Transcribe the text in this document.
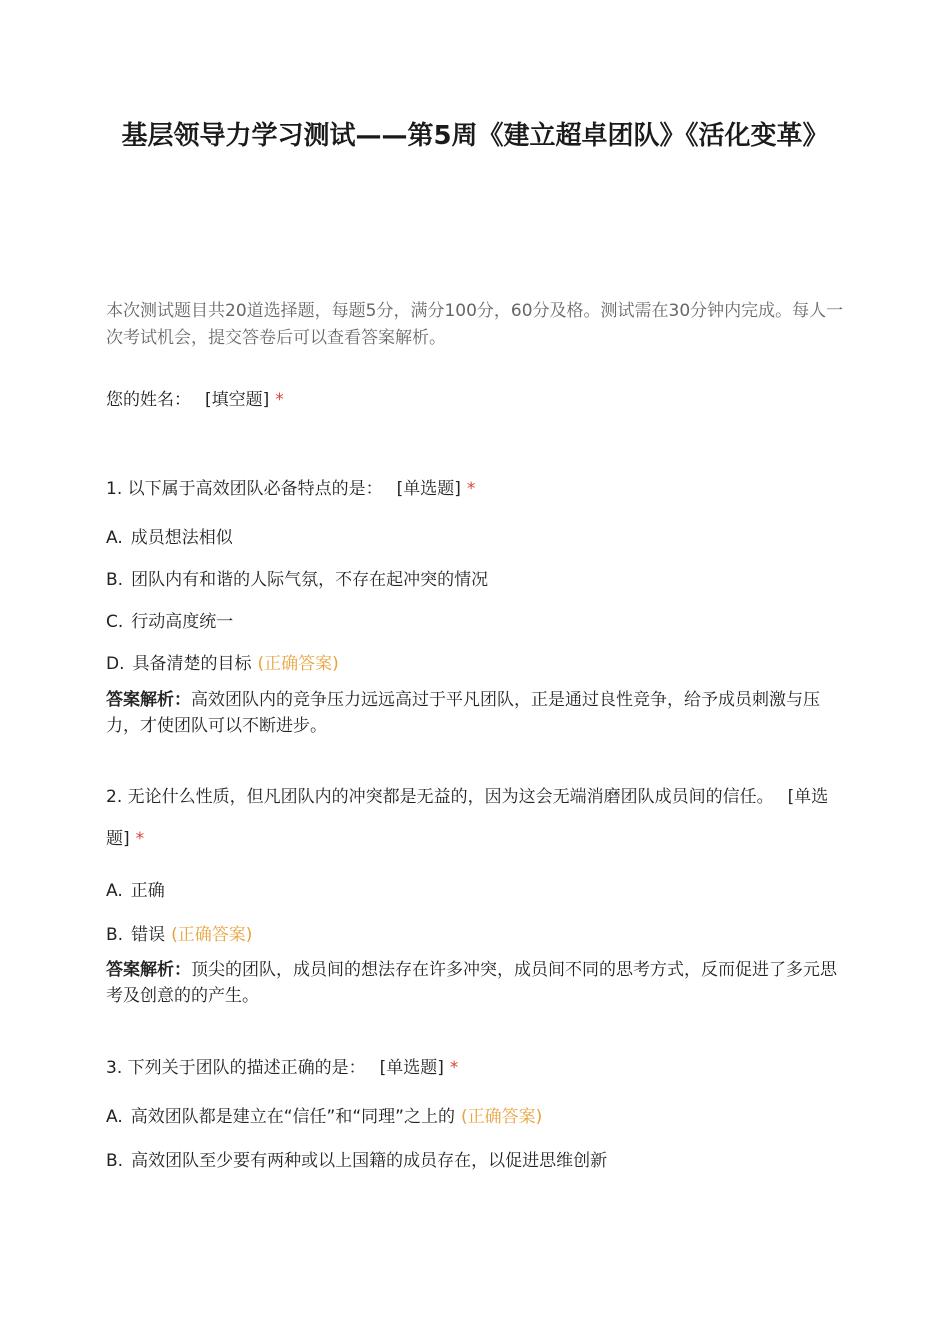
基层领导力学习测试——第5周《建立超卓团队》《活化变革》

本次测试题目共20道选择题，每题5分，满分100分，60分及格。测试需在30分钟内完成。每人一次考试机会，提交答卷后可以查看答案解析。

您的姓名： [填空题] *

1. 以下属于高效团队必备特点的是： [单选题] *

A. 成员想法相似

B. 团队内有和谐的人际气氛，不存在起冲突的情况

C. 行动高度统一

D. 具备清楚的目标 (正确答案)

答案解析：高效团队内的竞争压力远远高过于平凡团队，正是通过良性竞争，给予成员刺激与压力，才使团队可以不断进步。

2. 无论什么性质，但凡团队内的冲突都是无益的，因为这会无端消磨团队成员间的信任。 [单选题] *

A. 正确

B. 错误 (正确答案)

答案解析：顶尖的团队，成员间的想法存在许多冲突，成员间不同的思考方式，反而促进了多元思考及创意的的产生。

3. 下列关于团队的描述正确的是： [单选题] *

A. 高效团队都是建立在“信任”和“同理”之上的 (正确答案)

B. 高效团队至少要有两种或以上国籍的成员存在，以促进思维创新
